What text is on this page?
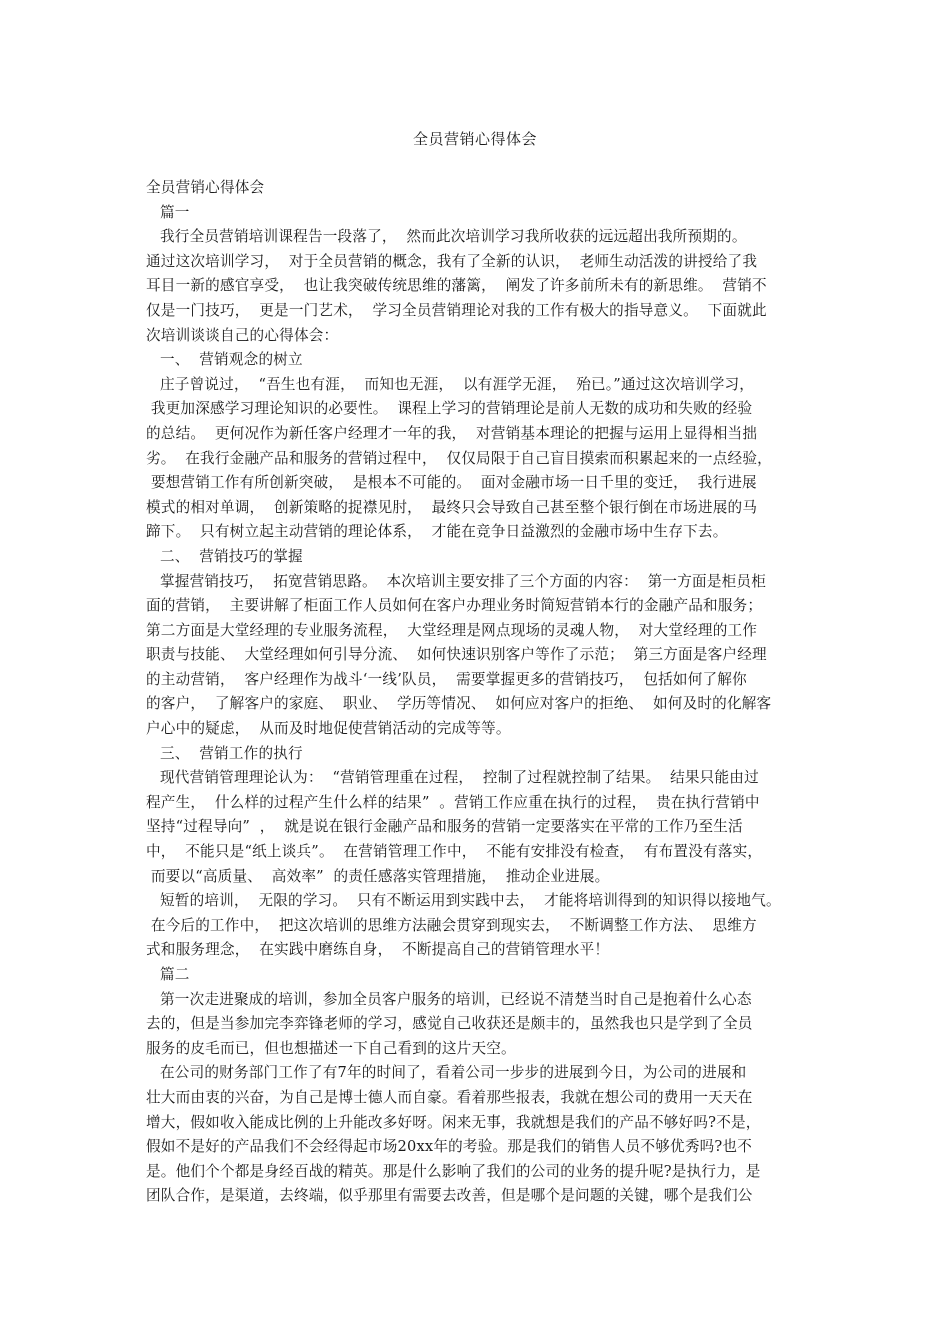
全员营销心得体会
全员营销心得体会
篇一
我行全员营销培训课程告一段落了，  然而此次培训学习我所收获的远远超出我所预期的。
通过这次培训学习，  对于全员营销的概念，我有了全新的认识，  老师生动活泼的讲授给了我
耳目一新的感官享受，  也让我突破传统思维的藩篱，  阐发了许多前所未有的新思维。  营销不
仅是一门技巧，  更是一门艺术，  学习全员营销理论对我的工作有极大的指导意义。  下面就此
次培训谈谈自己的心得体会：
一、  营销观念的树立
庄子曾说过，  “吾生也有涯，  而知也无涯，  以有涯学无涯，  殆已。”通过这次培训学习，
我更加深感学习理论知识的必要性。  课程上学习的营销理论是前人无数的成功和失败的经验
的总结。  更何况作为新任客户经理才一年的我，  对营销基本理论的把握与运用上显得相当拙
劣。  在我行金融产品和服务的营销过程中，  仅仅局限于自己盲目摸索而积累起来的一点经验，
要想营销工作有所创新突破，  是根本不可能的。  面对金融市场一日千里的变迁，  我行进展
模式的相对单调，  创新策略的捉襟见肘，  最终只会导致自己甚至整个银行倒在市场进展的马
蹄下。  只有树立起主动营销的理论体系，  才能在竞争日益激烈的金融市场中生存下去。
二、  营销技巧的掌握
掌握营销技巧，  拓宽营销思路。  本次培训主要安排了三个方面的内容：  第一方面是柜员柜
面的营销，  主要讲解了柜面工作人员如何在客户办理业务时简短营销本行的金融产品和服务；
第二方面是大堂经理的专业服务流程，  大堂经理是网点现场的灵魂人物，  对大堂经理的工作
职责与技能、  大堂经理如何引导分流、  如何快速识别客户等作了示范；  第三方面是客户经理
的主动营销，  客户经理作为战斗‘一线’队员，  需要掌握更多的营销技巧，  包括如何了解你
的客户，  了解客户的家庭、  职业、  学历等情况、  如何应对客户的拒绝、  如何及时的化解客
户心中的疑虑，  从而及时地促使营销活动的完成等等。
三、  营销工作的执行
现代营销管理理论认为：  “营销管理重在过程，  控制了过程就控制了结果。  结果只能由过
程产生，  什么样的过程产生什么样的结果”  。营销工作应重在执行的过程，  贵在执行营销中
坚持“过程导向”  ，  就是说在银行金融产品和服务的营销一定要落实在平常的工作乃至生活
中，  不能只是“纸上谈兵”。  在营销管理工作中，  不能有安排没有检查，  有布置没有落实，
而要以“高质量、  高效率”  的责任感落实管理措施，  推动企业进展。
短暂的培训，  无限的学习。  只有不断运用到实践中去，  才能将培训得到的知识得以接地气。
在今后的工作中，  把这次培训的思维方法融会贯穿到现实去，  不断调整工作方法、  思维方
式和服务理念，  在实践中磨练自身，  不断提高自己的营销管理水平！
篇二
第一次走进聚成的培训，参加全员客户服务的培训，已经说不清楚当时自己是抱着什么心态
去的，但是当参加完李弈锋老师的学习，感觉自己收获还是颇丰的，虽然我也只是学到了全员
服务的皮毛而已，但也想描述一下自己看到的这片天空。
在公司的财务部门工作了有7年的时间了，看着公司一步步的进展到今日，为公司的进展和
壮大而由衷的兴奋，为自己是博士德人而自豪。看着那些报表，我就在想公司的费用一天天在
增大，假如收入能成比例的上升能改多好呀。闲来无事，我就想是我们的产品不够好吗?不是，
假如不是好的产品我们不会经得起市场20xx年的考验。那是我们的销售人员不够优秀吗?也不
是。他们个个都是身经百战的精英。那是什么影响了我们的公司的业务的提升呢?是执行力，是
团队合作，是渠道，去终端，似乎那里有需要去改善，但是哪个是问题的关键，哪个是我们公
